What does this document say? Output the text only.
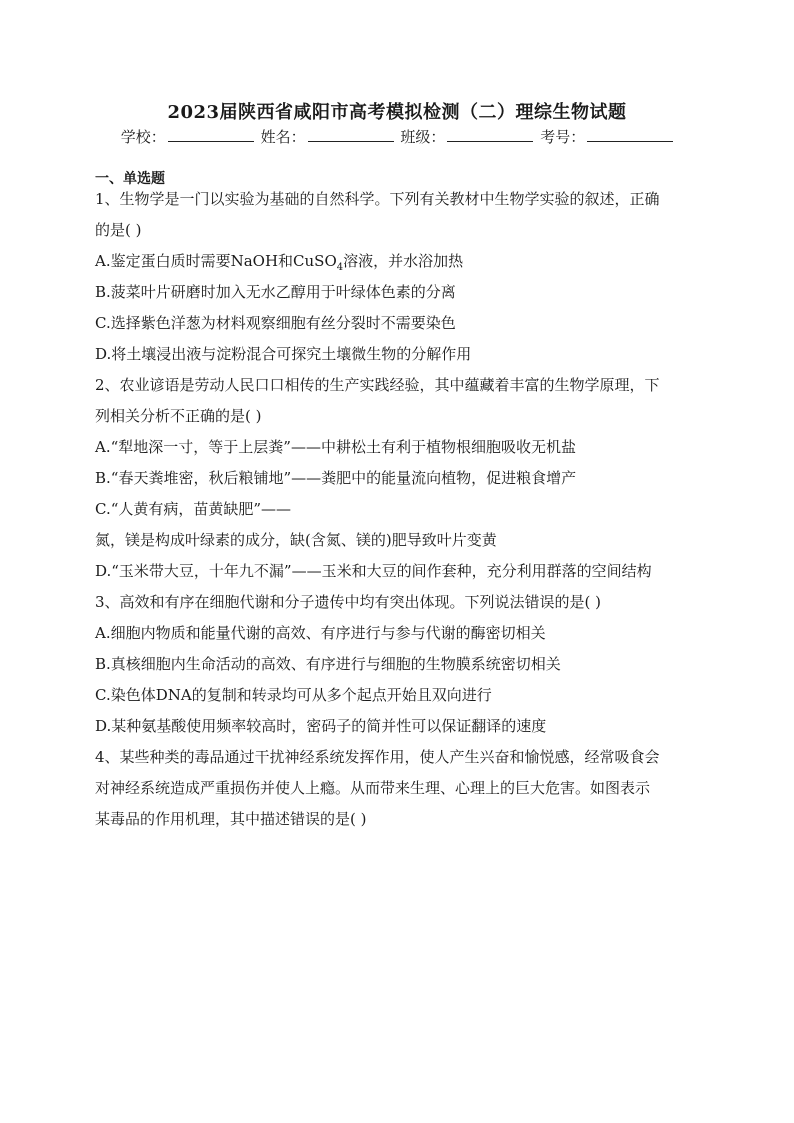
2023届陕西省咸阳市高考模拟检测（二）理综生物试题
学校：	姓名：	班级：	考号：
一、单选题
1、生物学是一门以实验为基础的自然科学。下列有关教材中生物学实验的叙述，正确
的是( )
A.鉴定蛋白质时需要NaOH和CuSO$_4$溶液，并水浴加热
B.菠菜叶片研磨时加入无水乙醇用于叶绿体色素的分离
C.选择紫色洋葱为材料观察细胞有丝分裂时不需要染色
D.将土壤浸出液与淀粉混合可探究土壤微生物的分解作用
2、农业谚语是劳动人民口口相传的生产实践经验，其中蕴藏着丰富的生物学原理，下
列相关分析不正确的是( )
A.“犁地深一寸，等于上层粪”——中耕松土有利于植物根细胞吸收无机盐
B.“春天粪堆密，秋后粮铺地”——粪肥中的能量流向植物，促进粮食增产
C.“人黄有病，苗黄缺肥”——
氮，镁是构成叶绿素的成分，缺(含氮、镁的)肥导致叶片变黄
D.“玉米带大豆，十年九不漏”——玉米和大豆的间作套种，充分利用群落的空间结构
3、高效和有序在细胞代谢和分子遗传中均有突出体现。下列说法错误的是( )
A.细胞内物质和能量代谢的高效、有序进行与参与代谢的酶密切相关
B.真核细胞内生命活动的高效、有序进行与细胞的生物膜系统密切相关
C.染色体DNA的复制和转录均可从多个起点开始且双向进行
D.某种氨基酸使用频率较高时，密码子的简并性可以保证翻译的速度
4、某些种类的毒品通过干扰神经系统发挥作用，使人产生兴奋和愉悦感，经常吸食会
对神经系统造成严重损伤并使人上瘾。从而带来生理、心理上的巨大危害。如图表示
某毒品的作用机理，其中描述错误的是( )
